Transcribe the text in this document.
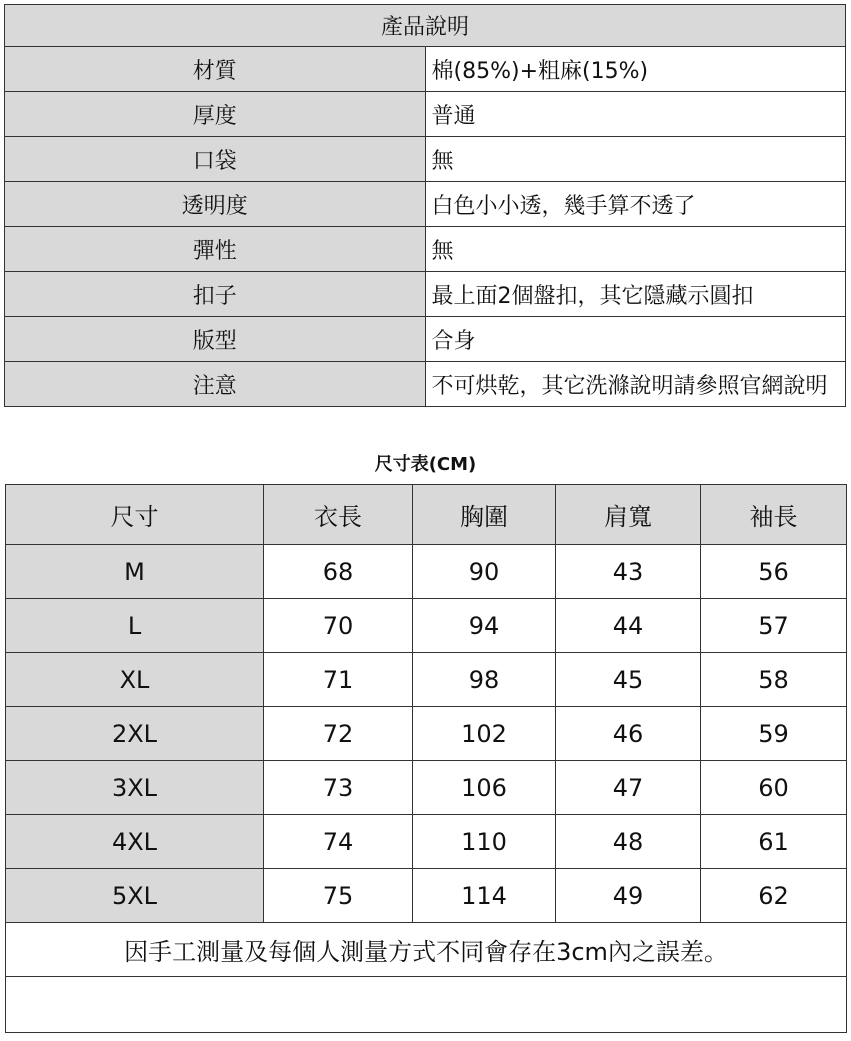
產品說明	
材質	棉(85%)+粗麻(15%)
厚度	普通
口袋	無
透明度	白色小小透，幾手算不透了
彈性	無
扣子	最上面2個盤扣，其它隱藏示圓扣
版型	合身
注意	不可烘乾，其它洗滌說明請參照官網說明
尺寸表(CM)
尺寸	衣長	胸圍	肩寬	袖長
M	68	90	43	56
L	70	94	44	57
XL	71	98	45	58
2XL	72	102	46	59
3XL	73	106	47	60
4XL	74	110	48	61
5XL	75	114	49	62
因手工測量及每個人測量方式不同會存在3cm內之誤差。				
